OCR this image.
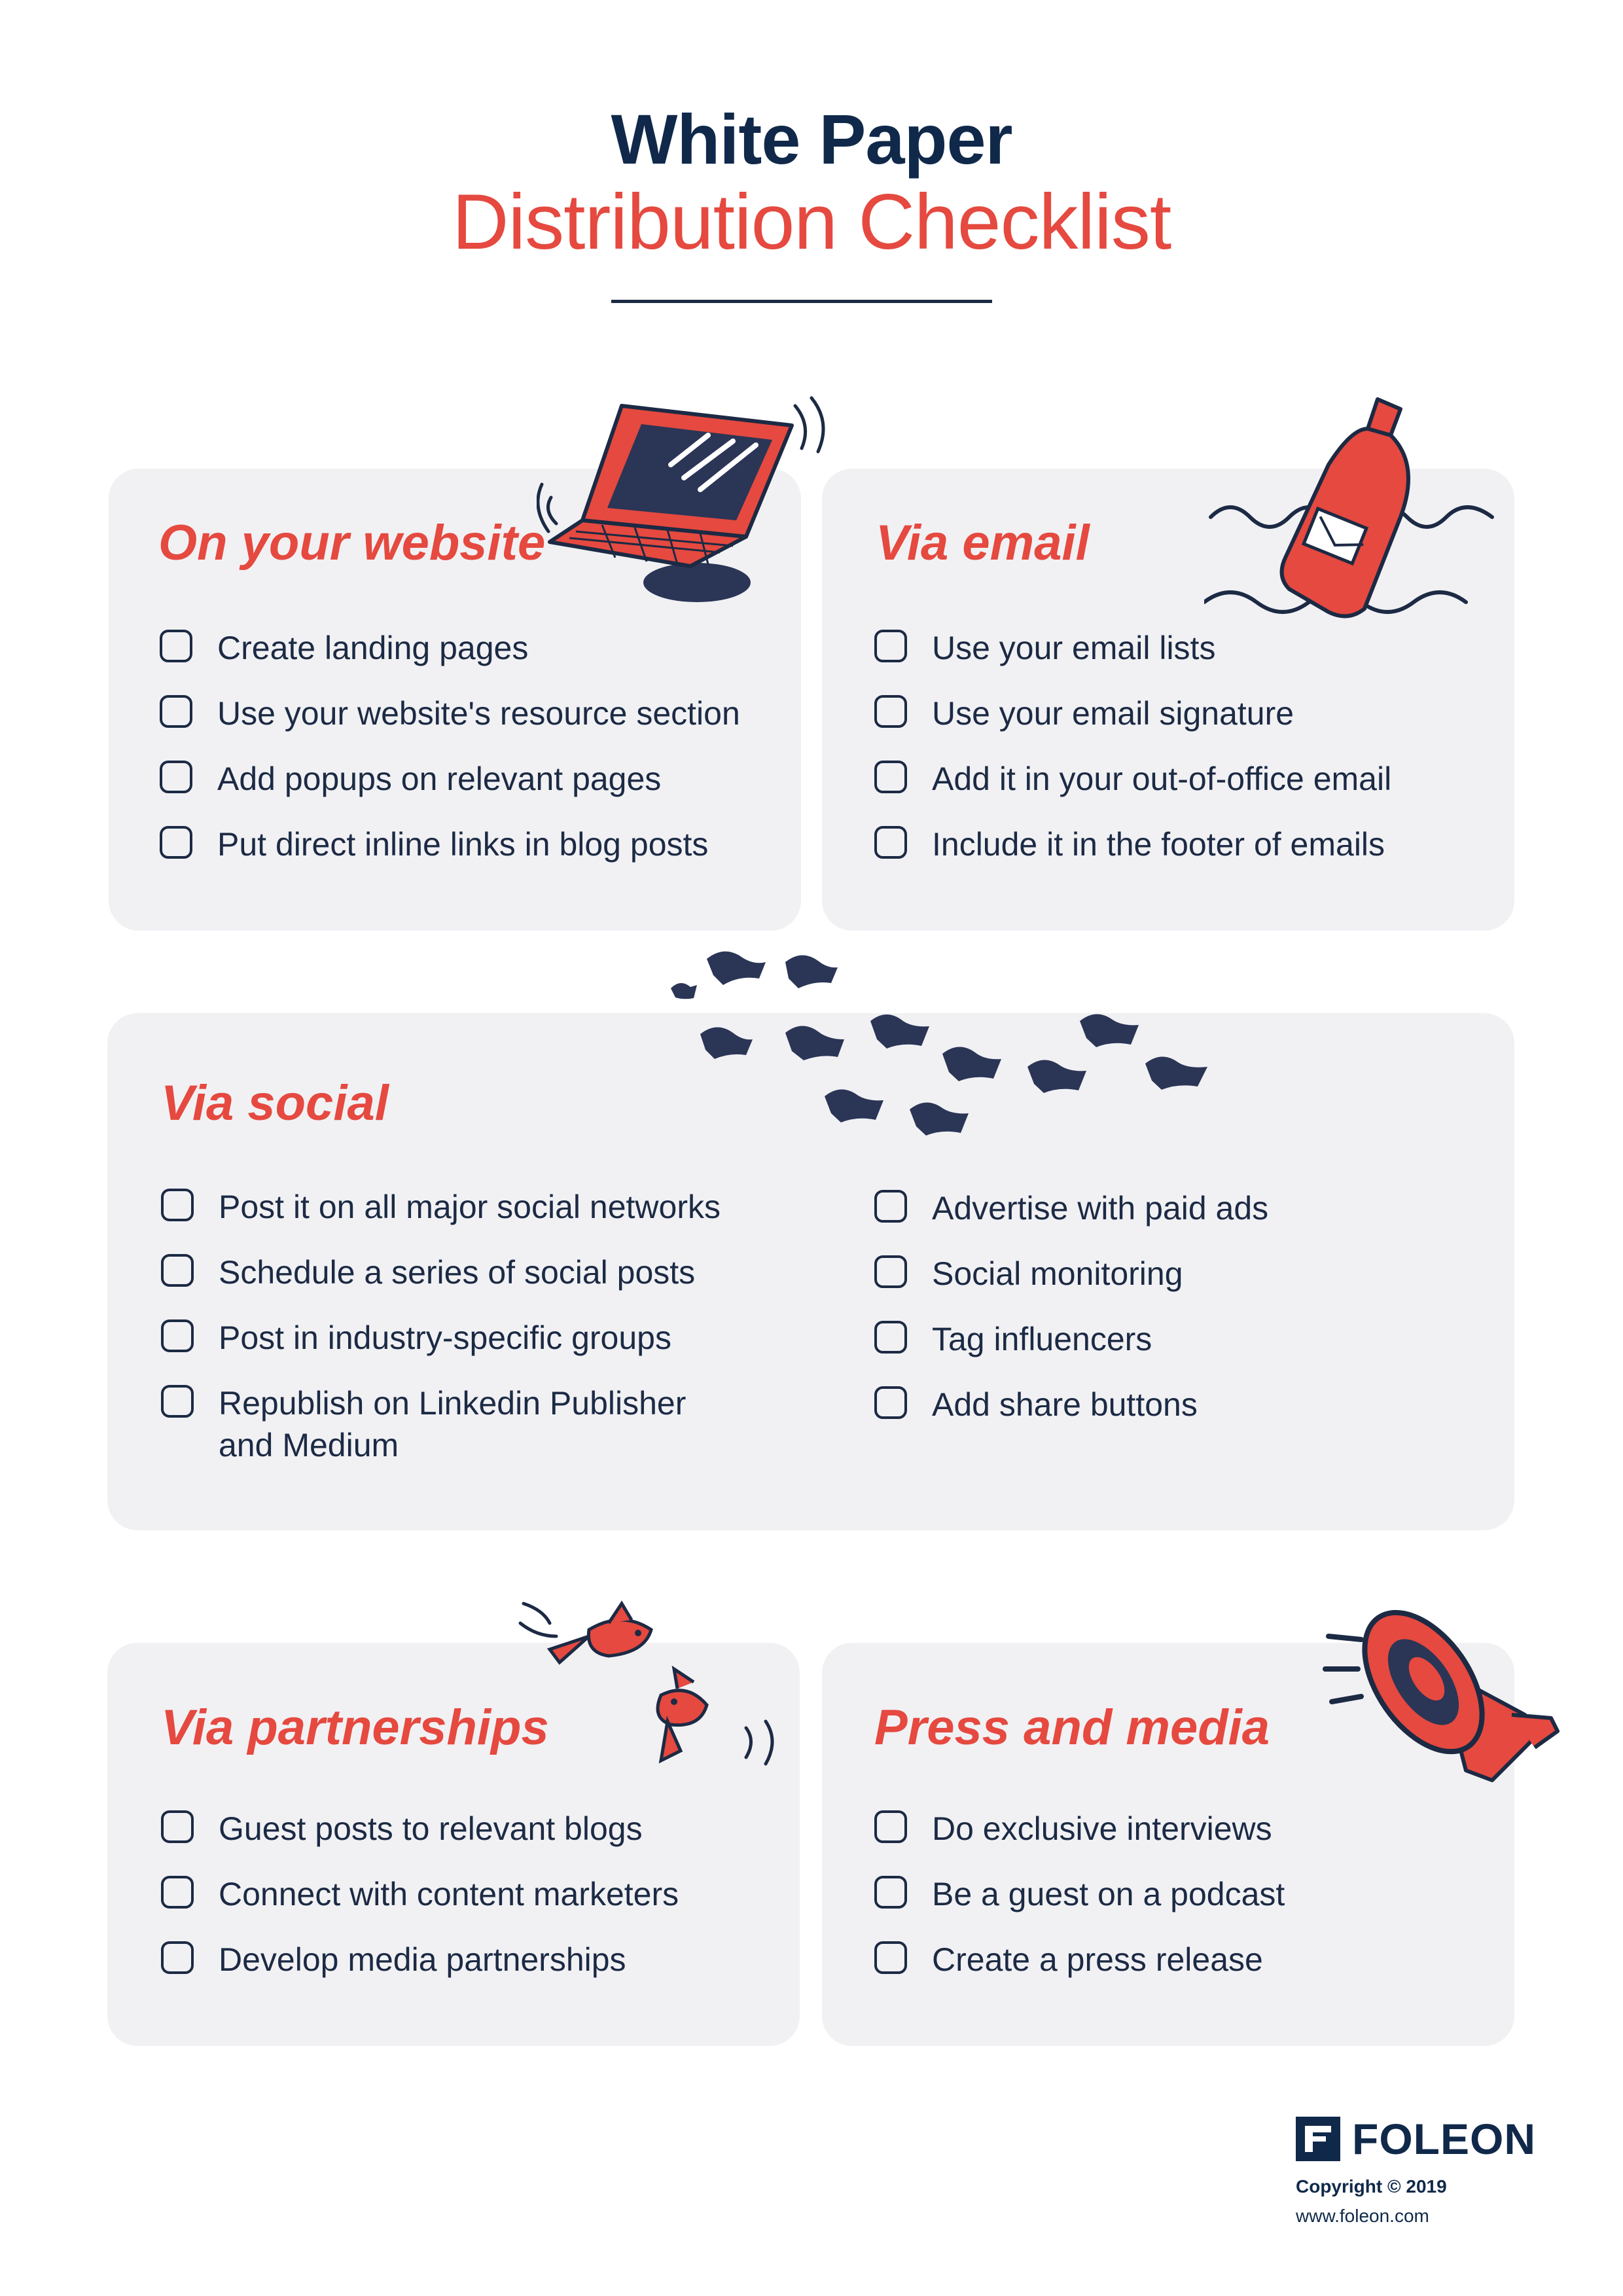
White Paper
Distribution Checklist
On your website
Create landing pages
Use your website's resource section
Add popups on relevant pages
Put direct inline links in blog posts
Via email
Use your email lists
Use your email signature
Add it in your out-of-office email
Include it in the footer of emails
Via social
Post it on all major social networks
Schedule a series of social posts
Post in industry-specific groups
Republish on Linkedin Publisher and Medium
Advertise with paid ads
Social monitoring
Tag influencers
Add share buttons
Via partnerships
Guest posts to relevant blogs
Connect with content marketers
Develop media partnerships
Press and media
Do exclusive interviews
Be a guest on a podcast
Create a press release
FOLEON
Copyright © 2019
www.foleon.com
